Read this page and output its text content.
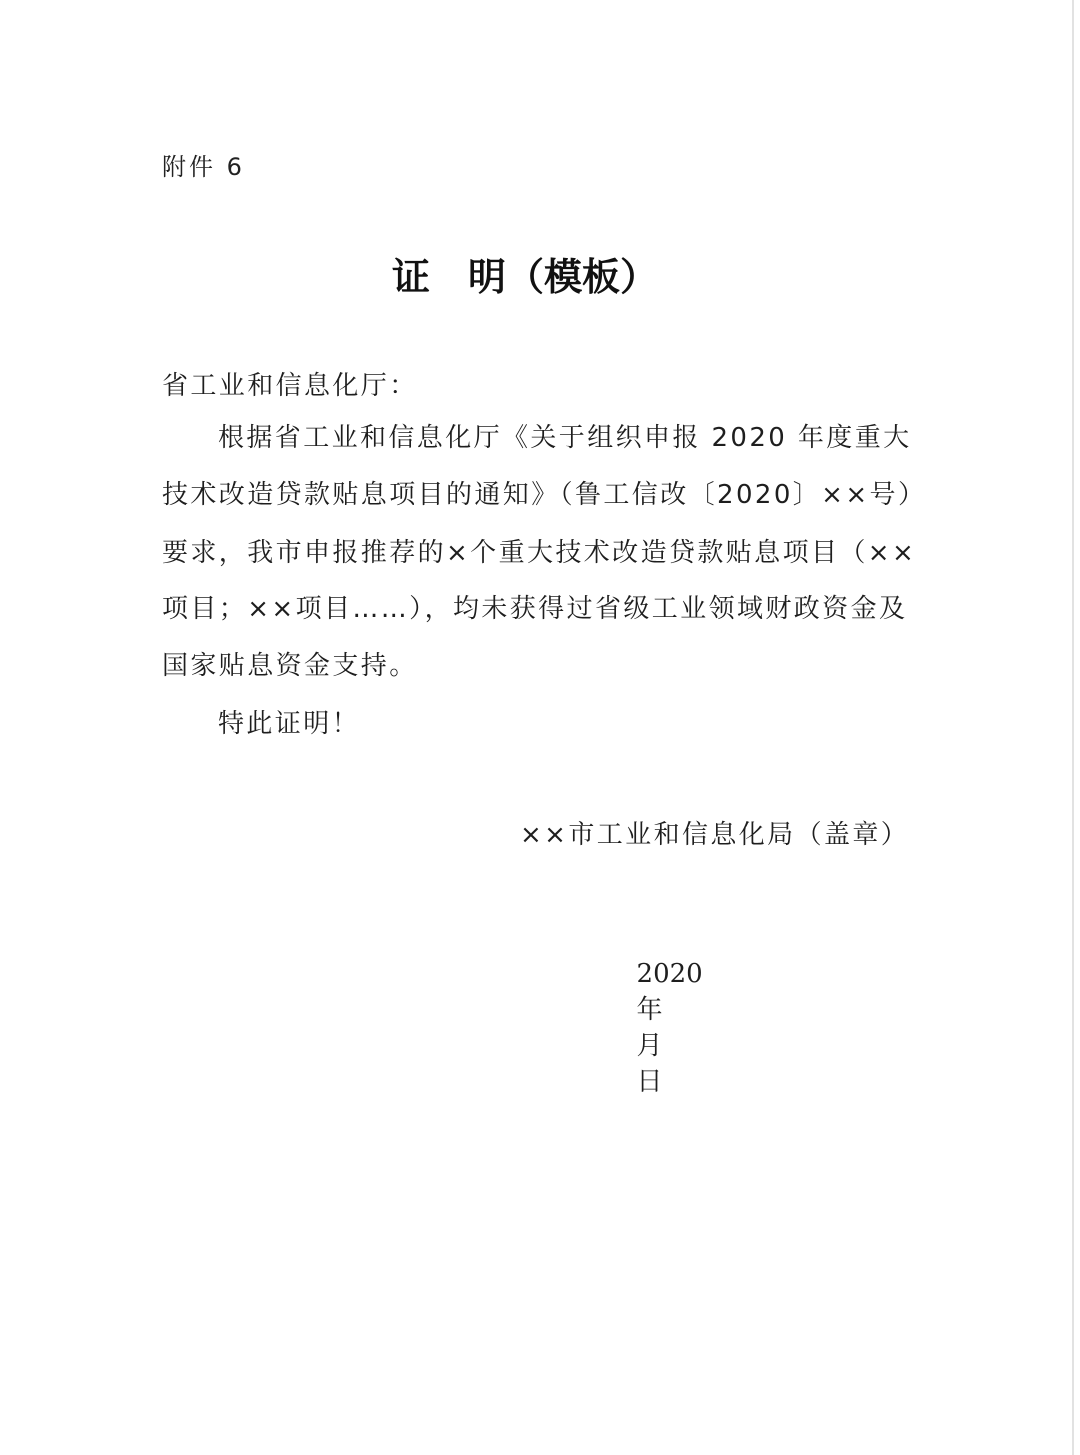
附件 6
证　明（模板）
省工业和信息化厅：
根据省工业和信息化厅《关于组织申报 2020 年度重大
技术改造贷款贴息项目的通知》（鲁工信改〔2020〕××号）
要求，我市申报推荐的×个重大技术改造贷款贴息项目（××
项目；××项目……），均未获得过省级工业领域财政资金及
国家贴息资金支持。
特此证明！
××市工业和信息化局（盖章）

2020
年
月
日
